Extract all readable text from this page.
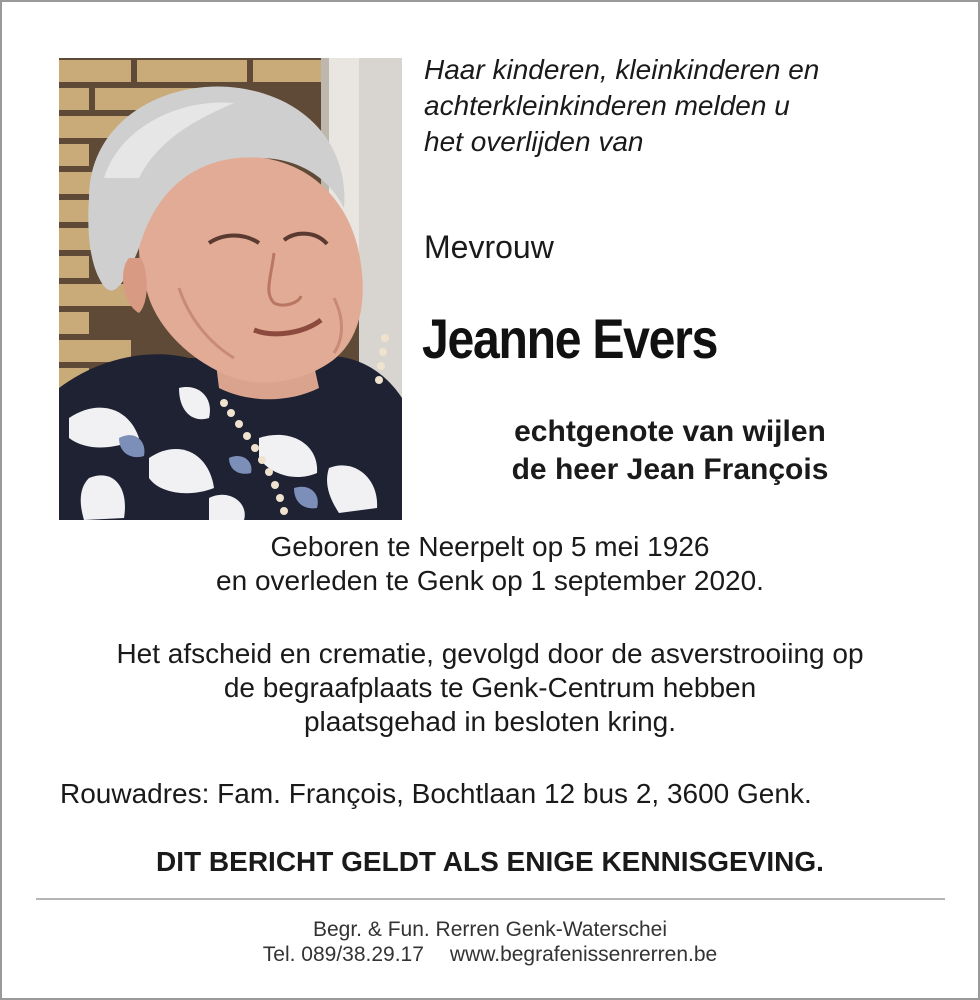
Haar kinderen, kleinkinderen en
achterkleinkinderen melden u
het overlijden van
Mevrouw
Jeanne Evers
echtgenote van wijlen
de heer Jean François
Geboren te Neerpelt op 5 mei 1926
en overleden te Genk op 1 september 2020.
Het afscheid en crematie, gevolgd door de asverstrooiing op
de begraafplaats te Genk-Centrum hebben
plaatsgehad in besloten kring.
Rouwadres: Fam. François, Bochtlaan 12 bus 2, 3600 Genk.
DIT BERICHT GELDT ALS ENIGE KENNISGEVING.
Begr. & Fun. Rerren Genk-Waterschei
Tel. 089/38.29.17 www.begrafenissenrerren.be
